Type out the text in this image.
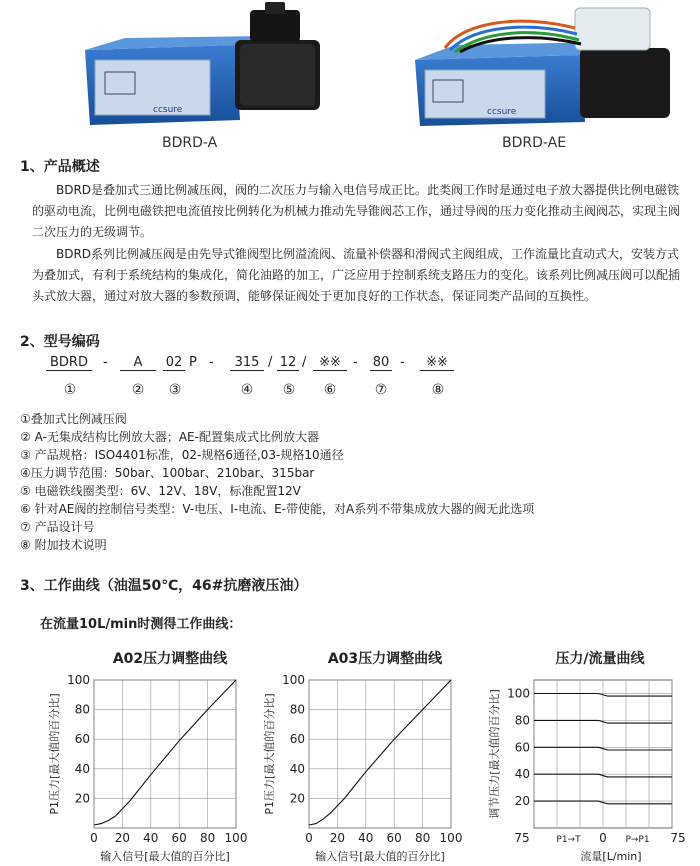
ccsure	ccsure
BDRD-A	BDRD-AE
1、产品概述
BDRD是叠加式三通比例减压阀，阀的二次压力与输入电信号成正比。此类阀工作时是通过电子放大器提供比例电磁铁的驱动电流，比例电磁铁把电流值按比例转化为机械力推动先导锥阀芯工作，通过导阀的压力变化推动主阀阀芯，实现主阀二次压力的无级调节。
BDRD系列比例减压阀是由先导式锥阀型比例溢流阀、流量补偿器和滑阀式主阀组成，工作流量比直动式大，安装方式为叠加式，有利于系统结构的集成化，简化油路的加工，广泛应用于控制系统支路压力的变化。该系列比例减压阀可以配插头式放大器，通过对放大器的参数预调，能够保证阀处于更加良好的工作状态，保证同类产品间的互换性。
2、型号编码
BDRD	-	A	02 P -	315 / 12 / ※※ - 80 -	※※
①	② ③	④ ⑤ ⑥	⑦	⑧
①叠加式比例减压阀
② A-无集成结构比例放大器；AE-配置集成式比例放大器
③ 产品规格：ISO4401标准，02-规格6通径,03-规格10通径
④压力调节范围：50bar、100bar、210bar、315bar
⑤ 电磁铁线圈类型：6V、12V、18V，标准配置12V
⑥ 针对AE阀的控制信号类型：V-电压、I-电流、E-带使能，对A系列不带集成放大器的阀无此选项
⑦ 产品设计号
⑧ 附加技术说明
3、工作曲线（油温50℃，46#抗磨液压油）
在流量10L/min时测得工作曲线：
A02压力调整曲线	A03压力调整曲线	压力/流量曲线
0 20 40 60 80 100
20
40
60
80
100
输入信号[最大值的百分比]
P1压力[最大值的百分比]
0 20 40 60 80 100
20
40
60
80
100
输入信号[最大值的百分比]
P1压力[最大值的百分比]	20
40
60
80
100
75	P1→T 0 P→P1 75
流量[L/min]
调节压力[最大值的百分比]
